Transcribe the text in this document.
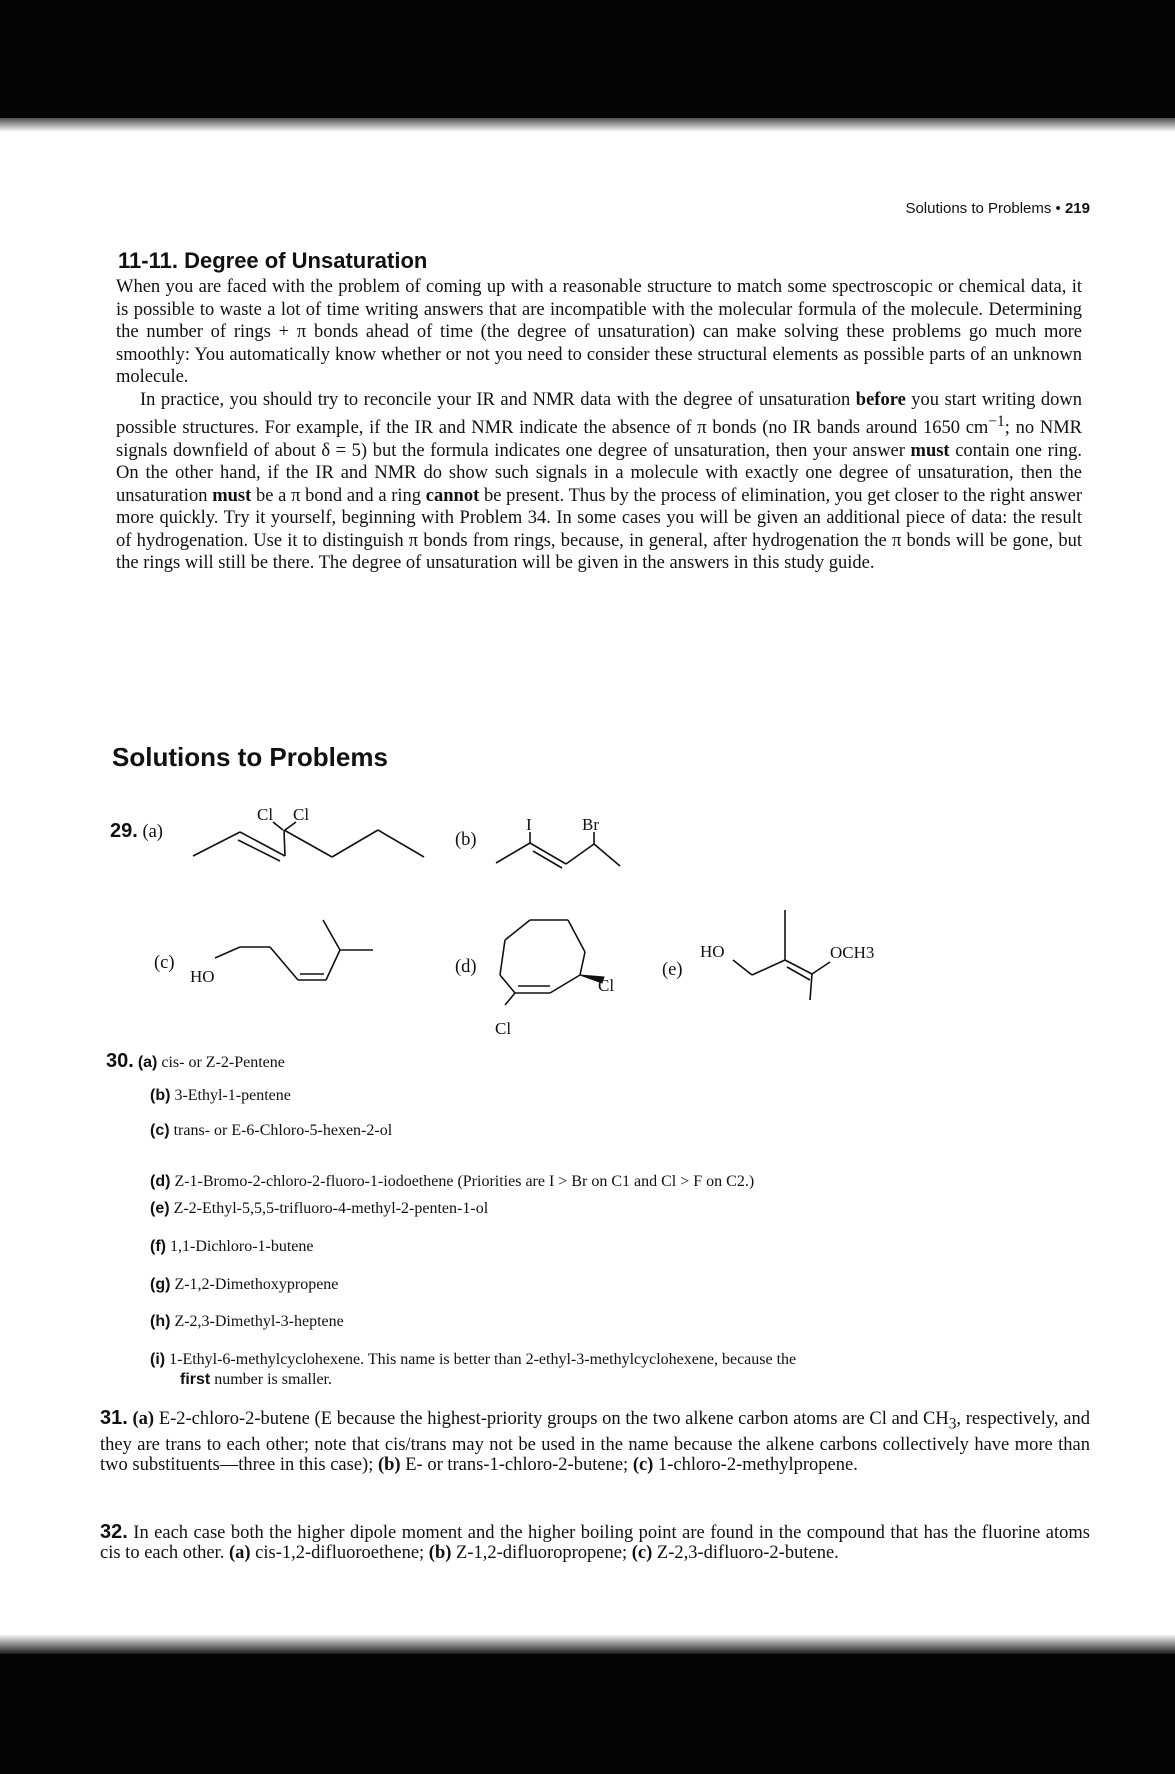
Solutions to Problems • 219
11-11. Degree of Unsaturation

When you are faced with the problem of coming up with a reasonable structure to match some spectroscopic or chemical data, it is possible to waste a lot of time writing answers that are incompatible with the molecular formula of the molecule. Determining the number of rings + π bonds ahead of time (the degree of unsaturation) can make solving these problems go much more smoothly: You automatically know whether or not you need to consider these structural elements as possible parts of an unknown molecule.

In practice, you should try to reconcile your IR and NMR data with the degree of unsaturation before you start writing down possible structures. For example, if the IR and NMR indicate the absence of π bonds (no IR bands around 1650 $cm^{-1}$; no NMR signals downfield of about δ = 5) but the formula indicates one degree of unsaturation, then your answer must contain one ring. On the other hand, if the IR and NMR do show such signals in a molecule with exactly one degree of unsaturation, then the unsaturation must be a π bond and a ring cannot be present. Thus by the process of elimination, you get closer to the right answer more quickly. Try it yourself, beginning with Problem 34. In some cases you will be given an additional piece of data: the result of hydrogenation. Use it to distinguish π bonds from rings, because, in general, after hydrogenation the π bonds will be gone, but the rings will still be there. The degree of unsaturation will be given in the answers in this study guide.

Solutions to Problems
29. (a)	(b)
(c)	(d)	(e)
Cl Cl
I	Br
HO
Cl
Cl
HO	OCH3
30. (a) cis- or Z-2-Pentene
(b) 3-Ethyl-1-pentene
(c) trans- or E-6-Chloro-5-hexen-2-ol
(d) Z-1-Bromo-2-chloro-2-fluoro-1-iodoethene (Priorities are I > Br on C1 and Cl > F on C2.)
(e) Z-2-Ethyl-5,5,5-trifluoro-4-methyl-2-penten-1-ol
(f) 1,1-Dichloro-1-butene
(g) Z-1,2-Dimethoxypropene
(h) Z-2,3-Dimethyl-3-heptene
(i) 1-Ethyl-6-methylcyclohexene. This name is better than 2-ethyl-3-methylcyclohexene, because the
first number is smaller.

31. (a) E-2-chloro-2-butene (E because the highest-priority groups on the two alkene carbon atoms are Cl and $CH_3$, respectively, and they are trans to each other; note that cis/trans may not be used in the name because the alkene carbons collectively have more than two substituents—three in this case); (b) E- or trans-1-chloro-2-butene; (c) 1-chloro-2-methylpropene.

32. In each case both the higher dipole moment and the higher boiling point are found in the compound that has the fluorine atoms cis to each other. (a) cis-1,2-difluoroethene; (b) Z-1,2-difluoropropene; (c) Z-2,3-difluoro-2-butene.
